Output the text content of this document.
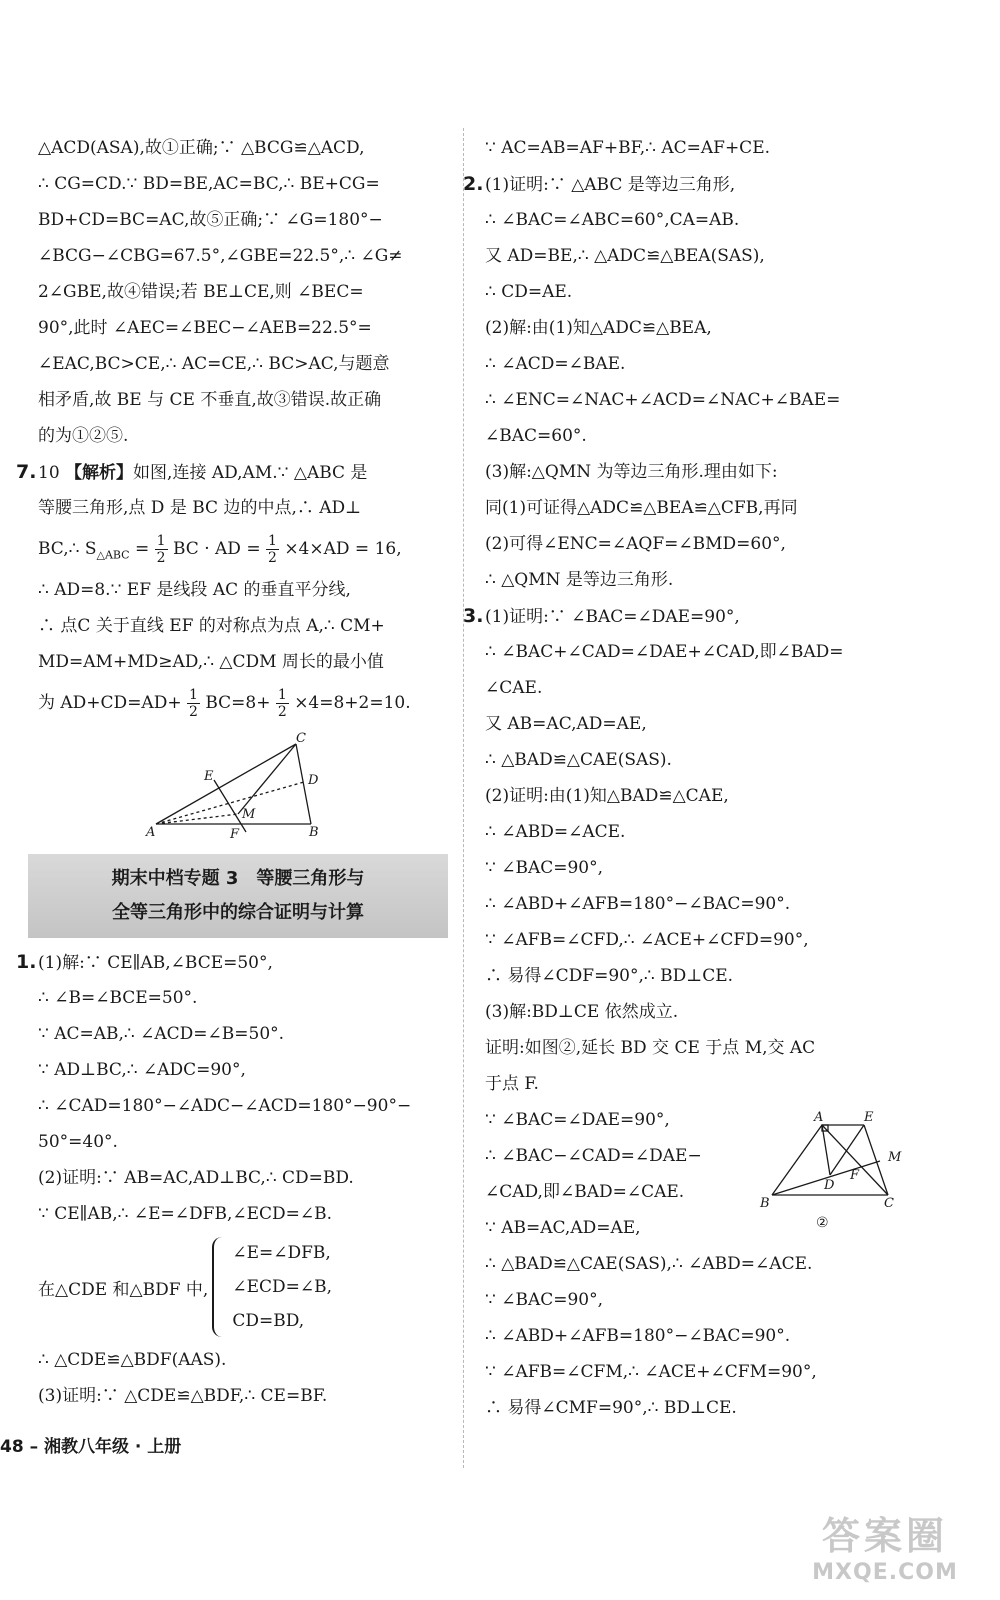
△ACD(ASA),故①正确;∵ △BCG≌△ACD,
∴ CG=CD.∵ BD=BE,AC=BC,∴ BE+CG=
BD+CD=BC=AC,故⑤正确;∵ ∠G=180°−
∠BCG−∠CBG=67.5°,∠GBE=22.5°,∴ ∠G≠
2∠GBE,故④错误;若 BE⊥CE,则 ∠BEC=
90°,此时 ∠AEC=∠BEC−∠AEB=22.5°=
∠EAC,BC>CE,∴ AC=CE,∴ BC>AC,与题意
相矛盾,故 BE 与 CE 不垂直,故③错误.故正确
的为①②⑤.
7.10 【解析】如图,连接 AD,AM.∵ △ABC 是
等腰三角形,点 D 是 BC 边的中点,∴ AD⊥
BC,∴ $S_{\triangle ABC} = \frac{1}{2}$ BC · AD = $\frac{1}{2} \times 4\times AD = 16$,
∴ AD=8.∵ EF 是线段 AC 的垂直平分线,
∴ 点C 关于直线 EF 的对称点为点 A,∴ CM+
MD=AM+MD≥AD,∴ △CDM 周长的最小值
为 $AD+CD=AD+ \frac{1}{2} BC=8+ \frac{1}{2} \times 4=8+2=10$.
A	B
C
D
E
F
M
期末中档专题 3　等腰三角形与
全等三角形中的综合证明与计算
1.(1)解:∵ CE∥AB,∠BCE=50°,
∴ ∠B=∠BCE=50°.
∵ AC=AB,∴ ∠ACD=∠B=50°.
∵ AD⊥BC,∴ ∠ADC=90°,
∴ ∠CAD=180°−∠ADC−∠ACD=180°−90°−
50°=40°.
(2)证明:∵ AB=AC,AD⊥BC,∴ CD=BD.
∵ CE∥AB,∴ ∠E=∠DFB,∠ECD=∠B.
在△CDE 和△BDF 中,
∠E=∠DFB,
∠ECD=∠B,
CD=BD,
∴ △CDE≌△BDF(AAS).
(3)证明:∵ △CDE≌△BDF,∴ CE=BF.
∵ AC=AB=AF+BF,∴ AC=AF+CE.
2.(1)证明:∵ △ABC 是等边三角形,
∴ ∠BAC=∠ABC=60°,CA=AB.
又 AD=BE,∴ △ADC≌△BEA(SAS),
∴ CD=AE.
(2)解:由(1)知△ADC≌△BEA,
∴ ∠ACD=∠BAE.
∴ ∠ENC=∠NAC+∠ACD=∠NAC+∠BAE=
∠BAC=60°.
(3)解:△QMN 为等边三角形.理由如下:
同(1)可证得△ADC≌△BEA≌△CFB,再同
(2)可得∠ENC=∠AQF=∠BMD=60°,
∴ △QMN 是等边三角形.
3.(1)证明:∵ ∠BAC=∠DAE=90°,
∴ ∠BAC+∠CAD=∠DAE+∠CAD,即∠BAD=
∠CAE.
又 AB=AC,AD=AE,
∴ △BAD≌△CAE(SAS).
(2)证明:由(1)知△BAD≌△CAE,
∴ ∠ABD=∠ACE.
∵ ∠BAC=90°,
∴ ∠ABD+∠AFB=180°−∠BAC=90°.
∵ ∠AFB=∠CFD,∴ ∠ACE+∠CFD=90°,
∴ 易得∠CDF=90°,∴ BD⊥CE.
(3)解:BD⊥CE 依然成立.
证明:如图②,延长 BD 交 CE 于点 M,交 AC
于点 F.
∵ ∠BAC=∠DAE=90°,
∴ ∠BAC−∠CAD=∠DAE−
∠CAD,即∠BAD=∠CAE.
∵ AB=AC,AD=AE,
∴ △BAD≌△CAE(SAS),∴ ∠ABD=∠ACE.
∵ ∠BAC=90°,
∴ ∠ABD+∠AFB=180°−∠BAC=90°.
∵ ∠AFB=∠CFM,∴ ∠ACE+∠CFM=90°,
∴ 易得∠CMF=90°,∴ BD⊥CE.
A	E
B	C
D
F
M
②
48 – 湘教八年级 · 上册
答案圈
MXQE.COM
